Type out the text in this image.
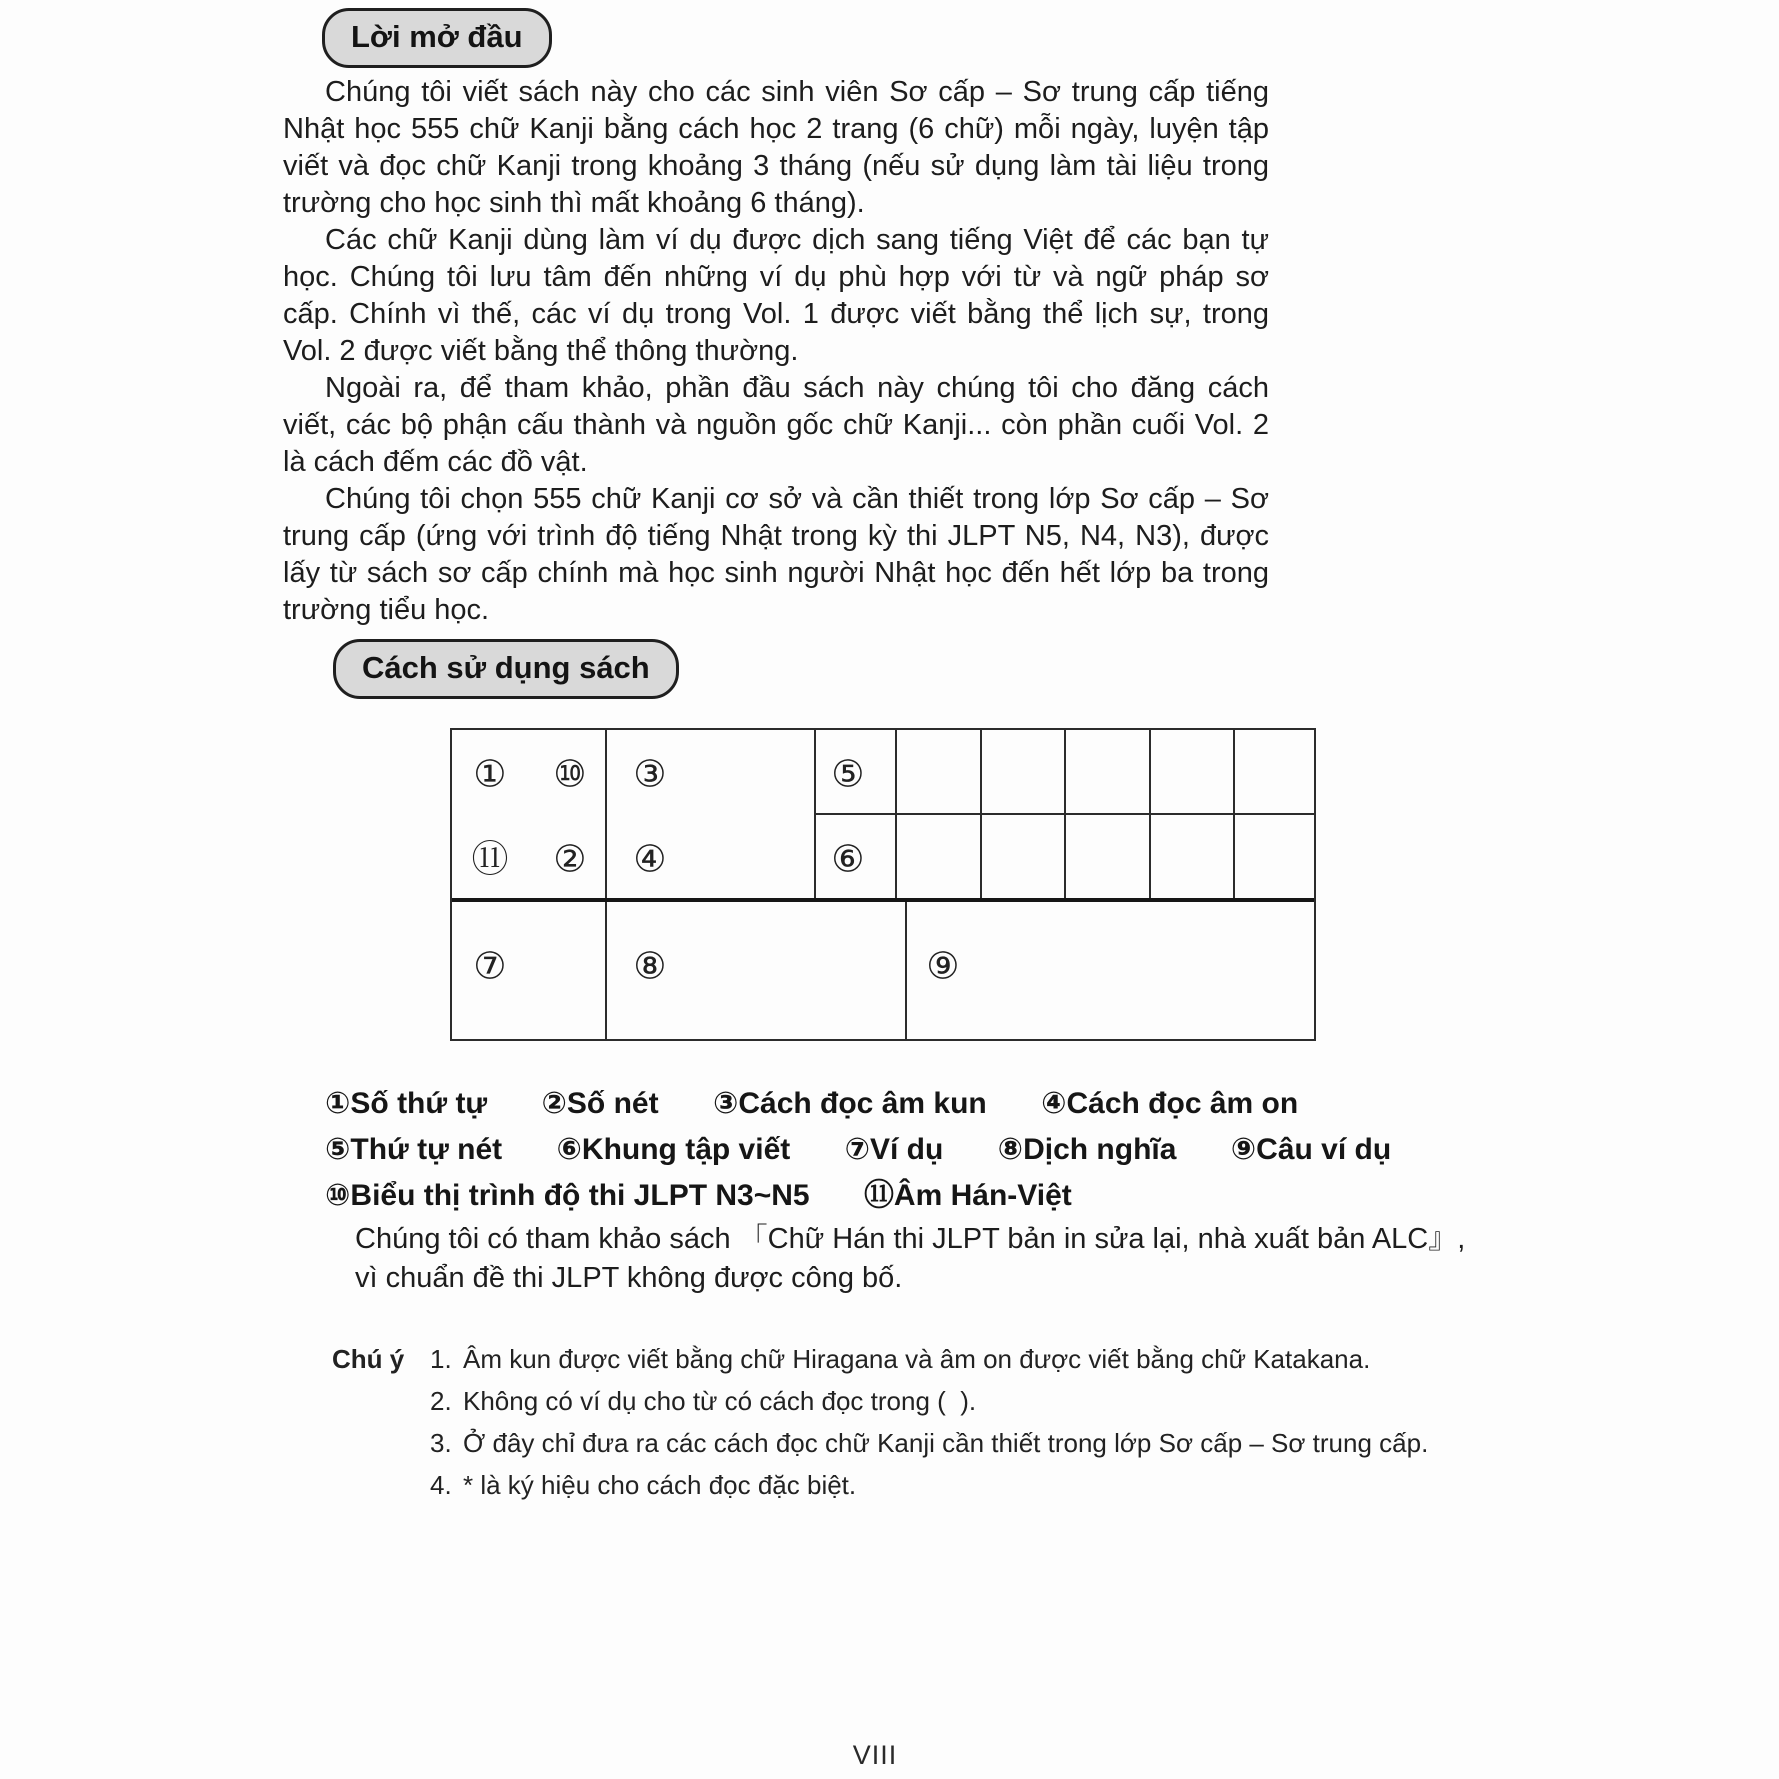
Lời mở đầu

Chúng tôi viết sách này cho các sinh viên Sơ cấp – Sơ trung cấp tiếng Nhật học 555 chữ Kanji bằng cách học 2 trang (6 chữ) mỗi ngày, luyện tập viết và đọc chữ Kanji trong khoảng 3 tháng (nếu sử dụng làm tài liệu trong trường cho học sinh thì mất khoảng 6 tháng).

Các chữ Kanji dùng làm ví dụ được dịch sang tiếng Việt để các bạn tự học. Chúng tôi lưu tâm đến những ví dụ phù hợp với từ và ngữ pháp sơ cấp. Chính vì thế, các ví dụ trong Vol. 1 được viết bằng thể lịch sự, trong Vol. 2 được viết bằng thể thông thường.

Ngoài ra, để tham khảo, phần đầu sách này chúng tôi cho đăng cách viết, các bộ phận cấu thành và nguồn gốc chữ Kanji... còn phần cuối Vol. 2 là cách đếm các đồ vật.

Chúng tôi chọn 555 chữ Kanji cơ sở và cần thiết trong lớp Sơ cấp – Sơ trung cấp (ứng với trình độ tiếng Nhật trong kỳ thi JLPT N5, N4, N3), được lấy từ sách sơ cấp chính mà học sinh người Nhật học đến hết lớp ba trong trường tiểu học.

Cách sử dụng sách
① ⑩ ③	⑤
⑪ ② ④	⑥
⑦	⑧	⑨
①Số thứ tự ②Số nét ③Cách đọc âm kun ④Cách đọc âm on
⑤Thứ tự nét ⑥Khung tập viết ⑦Ví dụ ⑧Dịch nghĩa ⑨Câu ví dụ
⑩Biểu thị trình độ thi JLPT N3~N5 ⑪Âm Hán-Việt
Chúng tôi có tham khảo sách 「Chữ Hán thi JLPT bản in sửa lại, nhà xuất bản ALC』,
vì chuẩn đề thi JLPT không được công bố.
Chú ý 1. Âm kun được viết bằng chữ Hiragana và âm on được viết bằng chữ Katakana.
2. Không có ví dụ cho từ có cách đọc trong (  ).
3. Ở đây chỉ đưa ra các cách đọc chữ Kanji cần thiết trong lớp Sơ cấp – Sơ trung cấp.
4. * là ký hiệu cho cách đọc đặc biệt.
VIII
